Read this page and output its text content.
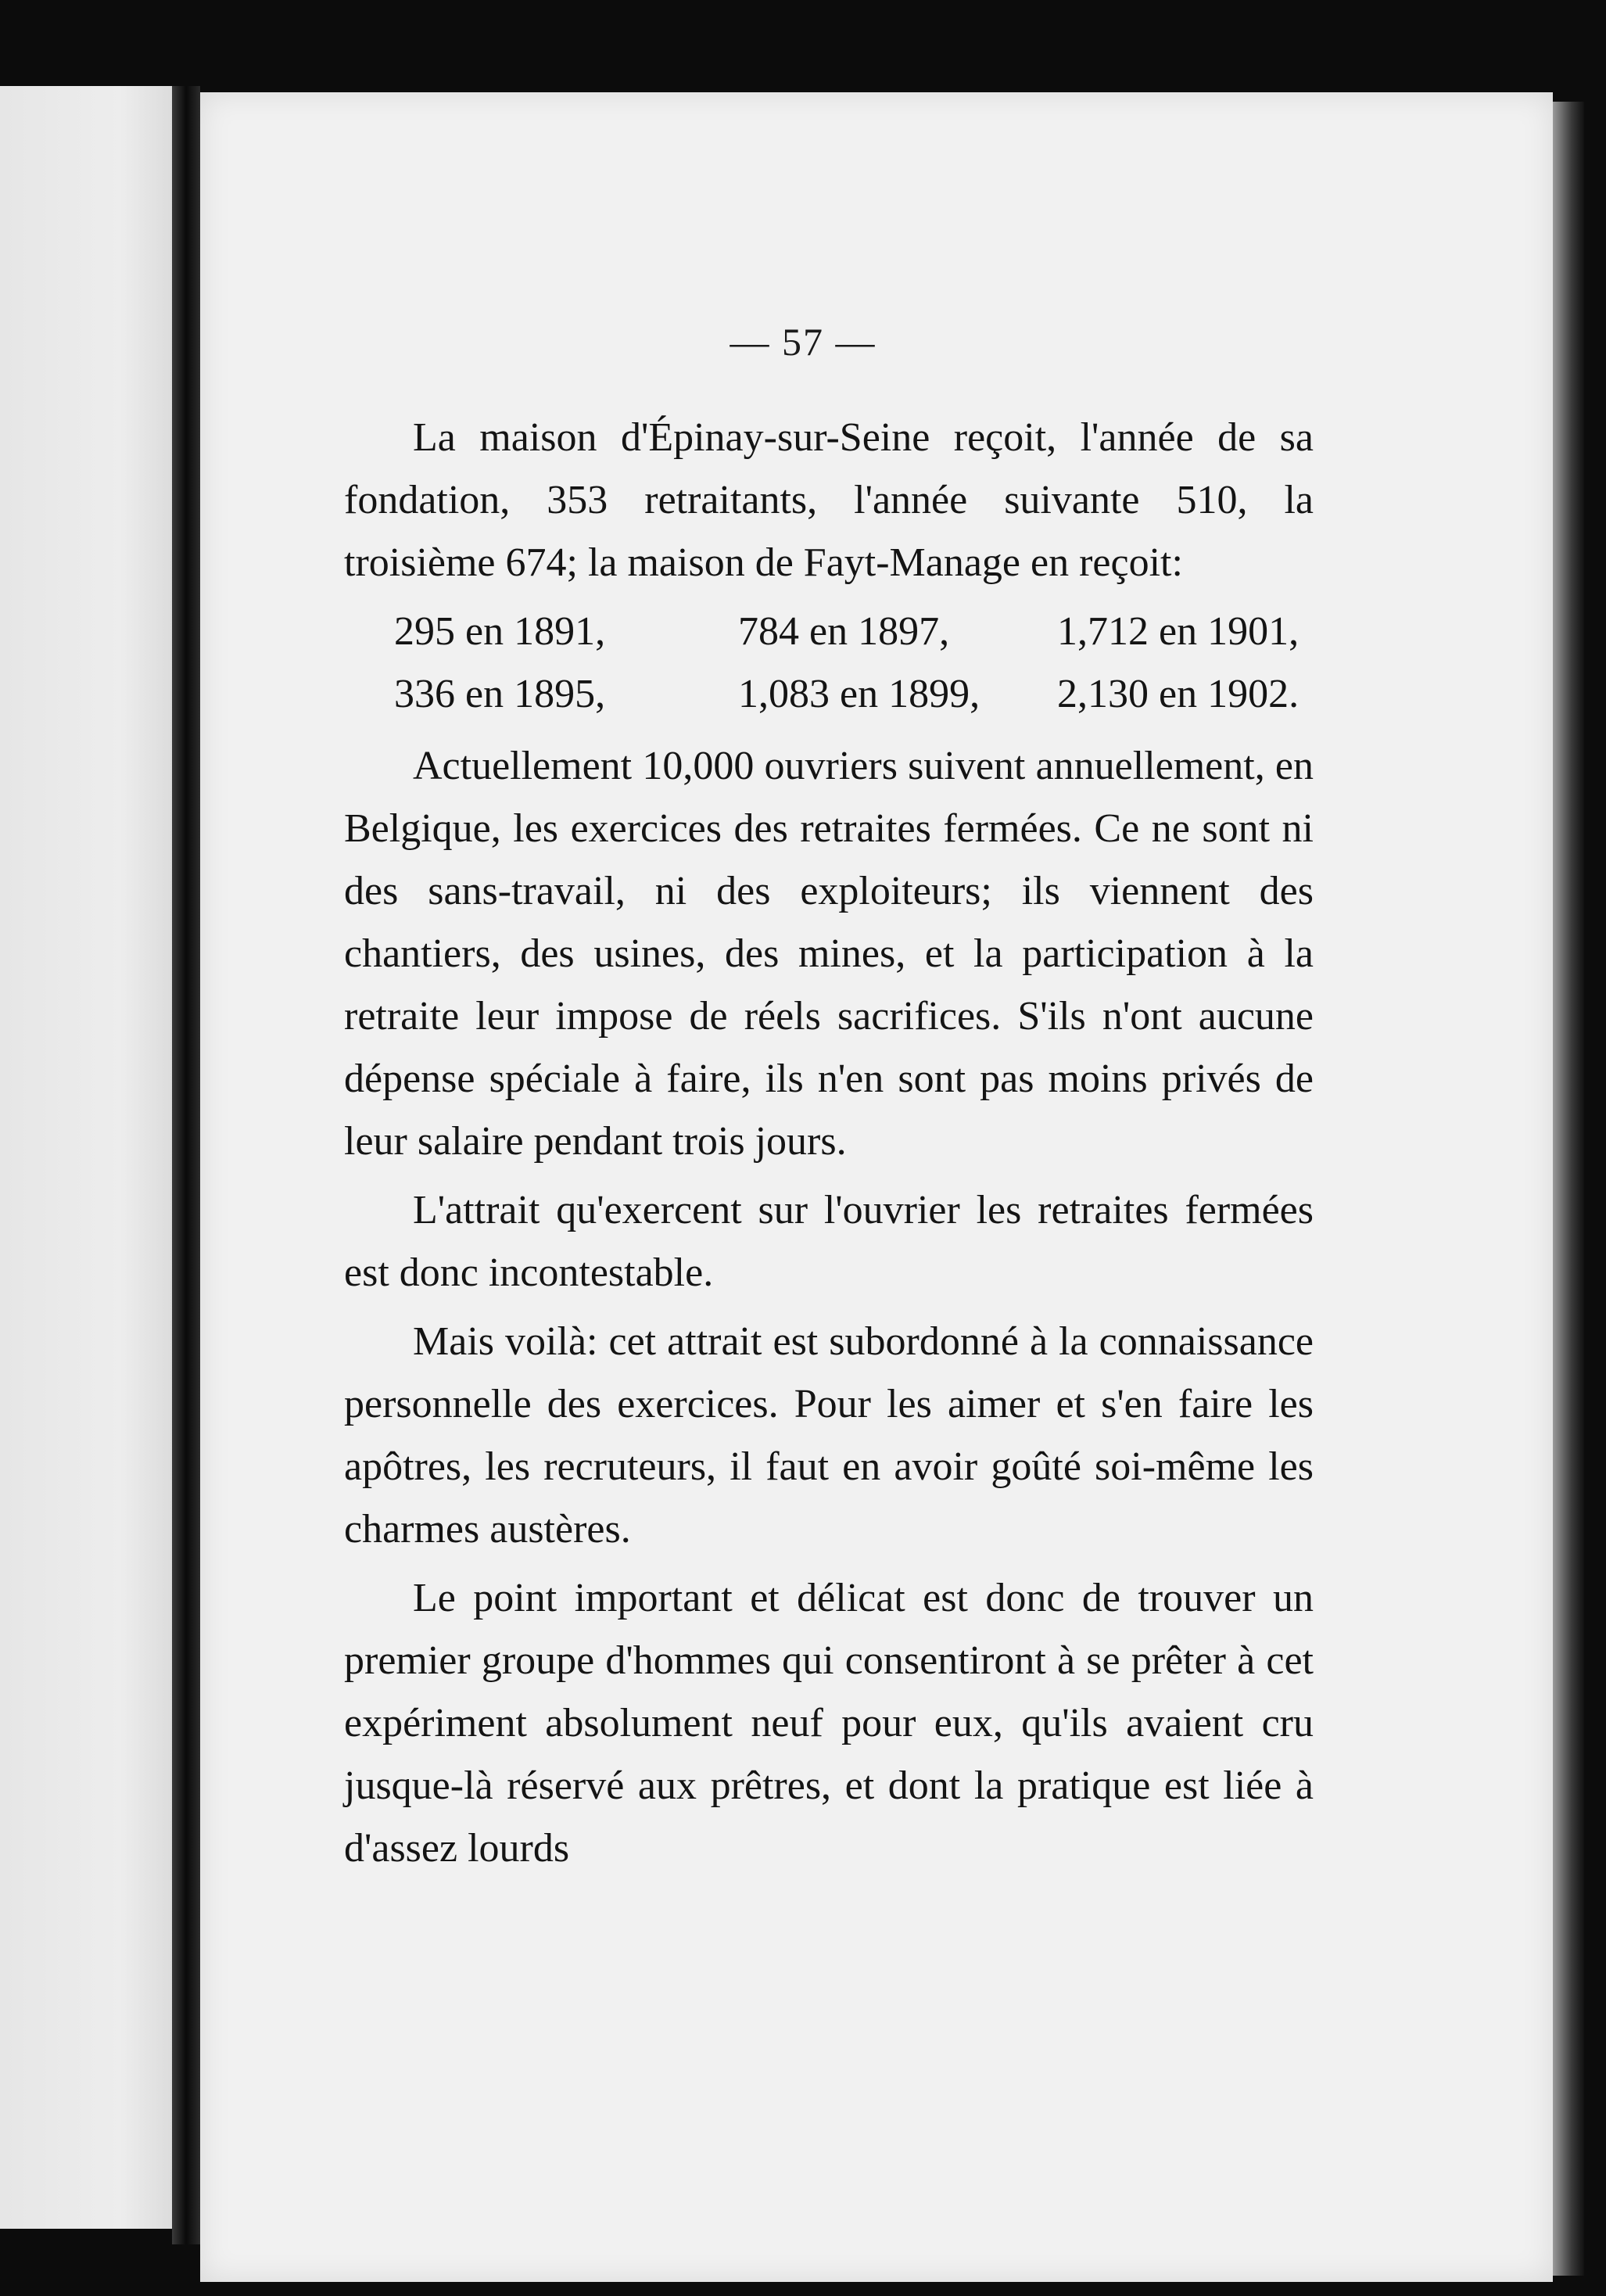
— 57 —

La maison d'Épinay-sur-Seine reçoit, l'année de sa fondation, 353 retraitants, l'année suivante 510, la troisième 674; la maison de Fayt-Manage en reçoit:

295 en 1891,	784 en 1897,	1,712 en 1901,
336 en 1895,	1,083 en 1899,	2,130 en 1902.

Actuellement 10,000 ouvriers suivent annuellement, en Belgique, les exercices des retraites fermées. Ce ne sont ni des sans-travail, ni des exploiteurs; ils viennent des chantiers, des usines, des mines, et la participation à la retraite leur impose de réels sacrifices. S'ils n'ont aucune dépense spéciale à faire, ils n'en sont pas moins privés de leur salaire pendant trois jours.

L'attrait qu'exercent sur l'ouvrier les retraites fermées est donc incontestable.

Mais voilà: cet attrait est subordonné à la connaissance personnelle des exercices. Pour les aimer et s'en faire les apôtres, les recruteurs, il faut en avoir goûté soi-même les charmes austères.

Le point important et délicat est donc de trouver un premier groupe d'hommes qui consentiront à se prêter à cet expériment absolument neuf pour eux, qu'ils avaient cru jusque-là réservé aux prêtres, et dont la pratique est liée à d'assez lourds
